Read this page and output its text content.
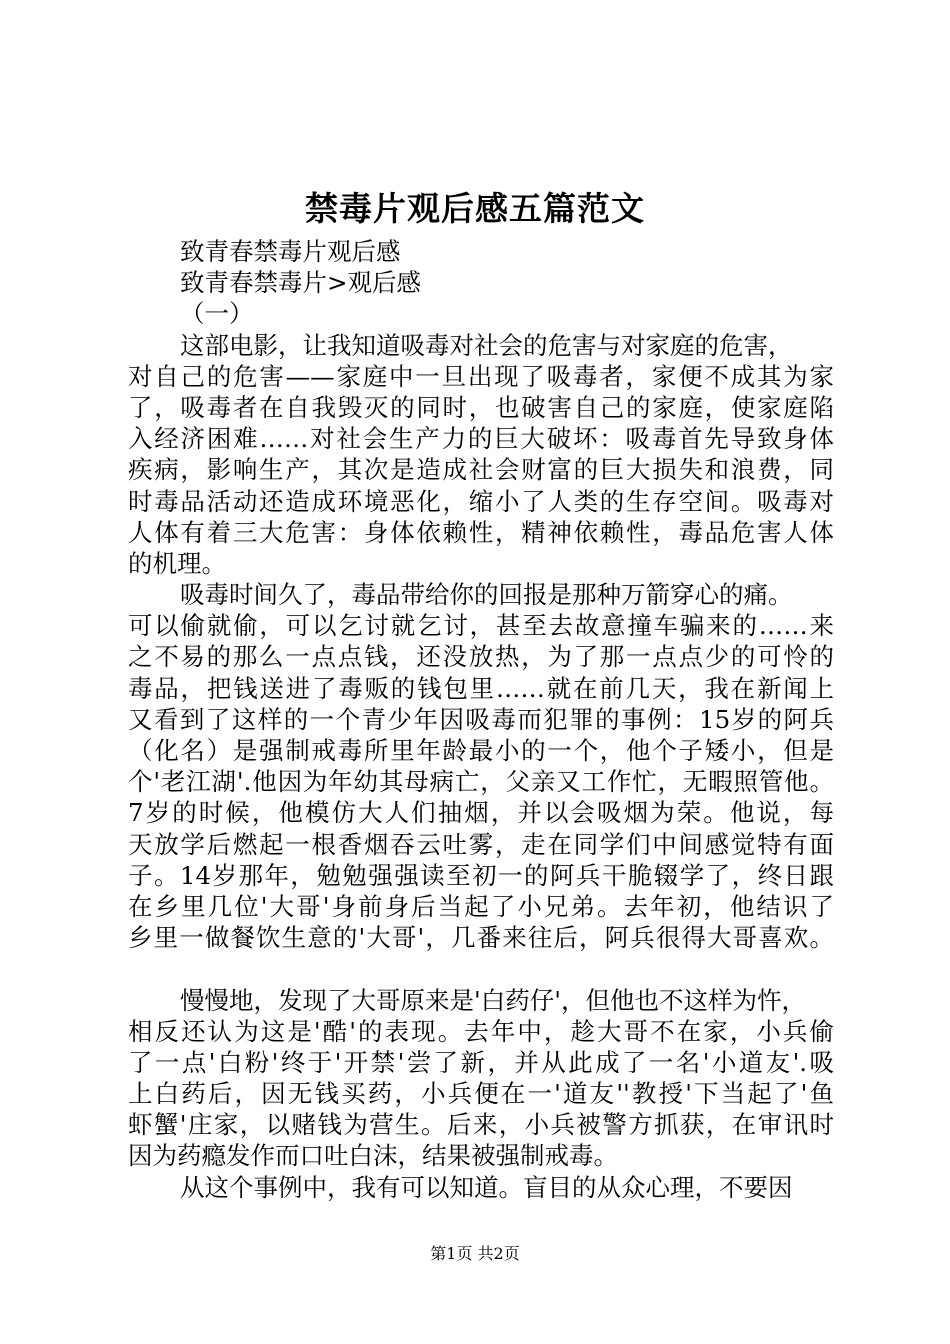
禁毒片观后感五篇范文
致青春禁毒片观后感
致青春禁毒片>观后感
（一）
这部电影，让我知道吸毒对社会的危害与对家庭的危害，
对自己的危害——家庭中一旦出现了吸毒者，家便不成其为家
了，吸毒者在自我毁灭的同时，也破害自己的家庭，使家庭陷
入经济困难……对社会生产力的巨大破坏：吸毒首先导致身体
疾病，影响生产，其次是造成社会财富的巨大损失和浪费，同
时毒品活动还造成环境恶化，缩小了人类的生存空间。吸毒对
人体有着三大危害：身体依赖性，精神依赖性，毒品危害人体
的机理。
吸毒时间久了，毒品带给你的回报是那种万箭穿心的痛。
可以偷就偷，可以乞讨就乞讨，甚至去故意撞车骗来的……来
之不易的那么一点点钱，还没放热，为了那一点点少的可怜的
毒品，把钱送进了毒贩的钱包里……就在前几天，我在新闻上
又看到了这样的一个青少年因吸毒而犯罪的事例：15岁的阿兵
（化名）是强制戒毒所里年龄最小的一个，他个子矮小，但是
个'老江湖'.他因为年幼其母病亡，父亲又工作忙，无暇照管他。
7岁的时候，他模仿大人们抽烟，并以会吸烟为荣。他说，每
天放学后燃起一根香烟吞云吐雾，走在同学们中间感觉特有面
子。14岁那年，勉勉强强读至初一的阿兵干脆辍学了，终日跟
在乡里几位'大哥'身前身后当起了小兄弟。去年初，他结识了
乡里一做餐饮生意的'大哥'，几番来往后，阿兵很得大哥喜欢。
慢慢地，发现了大哥原来是'白药仔'，但他也不这样为忤，
相反还认为这是'酷'的表现。去年中，趁大哥不在家，小兵偷
了一点'白粉'终于'开禁'尝了新，并从此成了一名'小道友'.吸
上白药后，因无钱买药，小兵便在一'道友''教授'下当起了'鱼
虾蟹'庄家，以赌钱为营生。后来，小兵被警方抓获，在审讯时
因为药瘾发作而口吐白沫，结果被强制戒毒。
从这个事例中，我有可以知道。盲目的从众心理，不要因
第1页 共2页
